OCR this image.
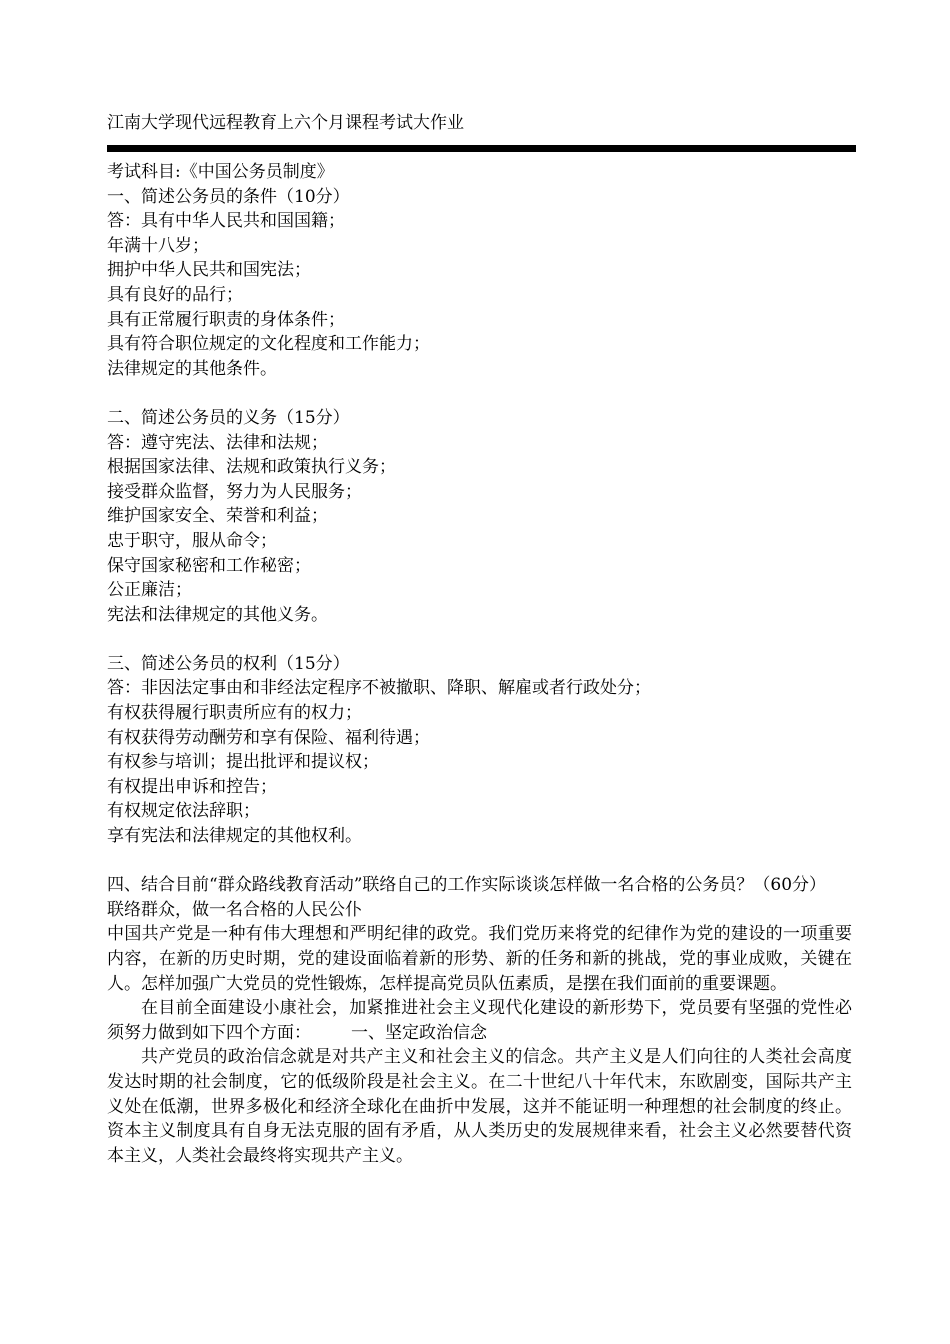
江南大学现代远程教育上六个月课程考试大作业
考试科目:《中国公务员制度》
一、简述公务员的条件（10分）
答：具有中华人民共和国国籍；
年满十八岁；
拥护中华人民共和国宪法；
具有良好的品行；
具有正常履行职责的身体条件；
具有符合职位规定的文化程度和工作能力；
法律规定的其他条件。
二、简述公务员的义务（15分）
答：遵守宪法、法律和法规；
根据国家法律、法规和政策执行义务；
接受群众监督，努力为人民服务；
维护国家安全、荣誉和利益；
忠于职守，服从命令；
保守国家秘密和工作秘密；
公正廉洁；
宪法和法律规定的其他义务。
三、简述公务员的权利（15分）
答：非因法定事由和非经法定程序不被撤职、降职、解雇或者行政处分；
有权获得履行职责所应有的权力；
有权获得劳动酬劳和享有保险、福利待遇；
有权参与培训；提出批评和提议权；
有权提出申诉和控告；
有权规定依法辞职；
享有宪法和法律规定的其他权利。
四、结合目前“群众路线教育活动”联络自己的工作实际谈谈怎样做一名合格的公务员？（60分）
联络群众，做一名合格的人民公仆
中国共产党是一种有伟大理想和严明纪律的政党。我们党历来将党的纪律作为党的建设的一项重要内容，在新的历史时期，党的建设面临着新的形势、新的任务和新的挑战，党的事业成败，关键在人。怎样加强广大党员的党性锻炼，怎样提高党员队伍素质，是摆在我们面前的重要课题。
在目前全面建设小康社会，加紧推进社会主义现代化建设的新形势下，党员要有坚强的党性必须努力做到如下四个方面： 一、坚定政治信念
共产党员的政治信念就是对共产主义和社会主义的信念。共产主义是人们向往的人类社会高度发达时期的社会制度，它的低级阶段是社会主义。在二十世纪八十年代末，东欧剧变，国际共产主义处在低潮，世界多极化和经济全球化在曲折中发展，这并不能证明一种理想的社会制度的终止。资本主义制度具有自身无法克服的固有矛盾，从人类历史的发展规律来看，社会主义必然要替代资本主义，人类社会最终将实现共产主义。
